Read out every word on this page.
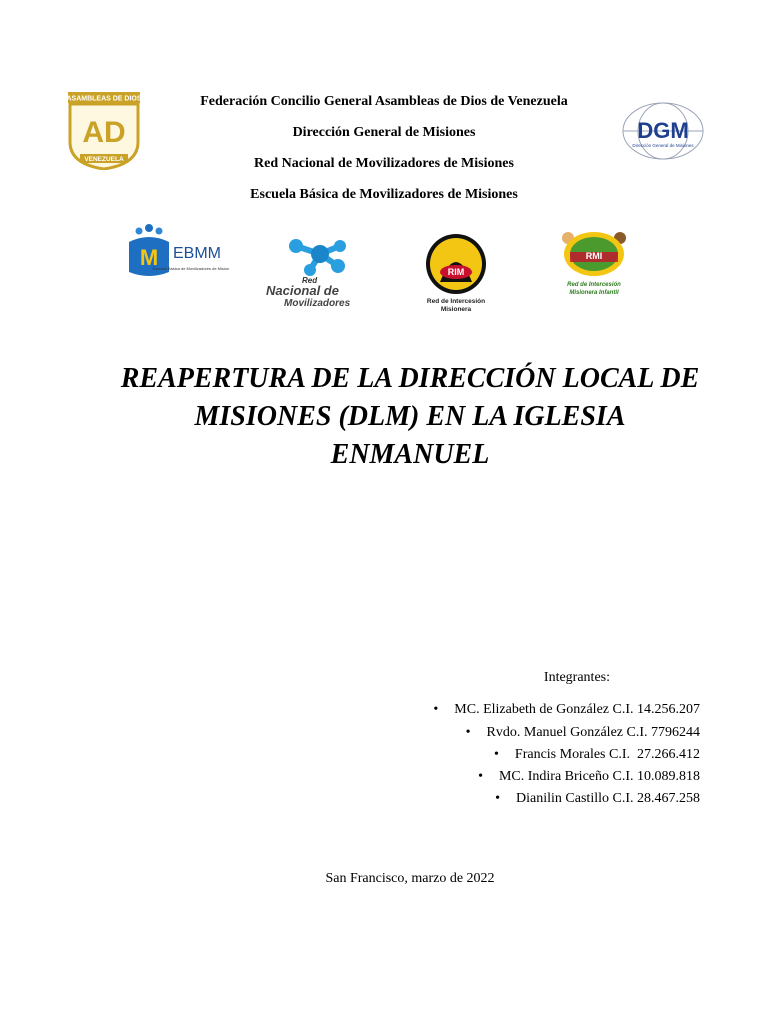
Federación Concilio General Asambleas de Dios de Venezuela
Dirección General de Misiones
Red Nacional de Movilizadores de Misiones
Escuela Básica de Movilizadores de Misiones
ASAMBLEAS DE DIOS
AD
VENEZUELA
DGM
Dirección General de Misiones
M EBMM
Escuela Básica de Movilizadores de Misiones
Red
Nacional de
Movilizadores
RIM
Red de Intercesión
Misionera
RMI
Red de Intercesión
Misionera Infantil
REAPERTURA DE LA DIRECCIÓN LOCAL DE
MISIONES (DLM) EN LA IGLESIA
ENMANUEL
Integrantes:
• MC. Elizabeth de González C.I. 14.256.207
• Rvdo. Manuel González C.I. 7796244
• Francis Morales C.I.  27.266.412
• MC. Indira Briceño C.I. 10.089.818
• Dianilin Castillo C.I. 28.467.258
San Francisco, marzo de 2022
